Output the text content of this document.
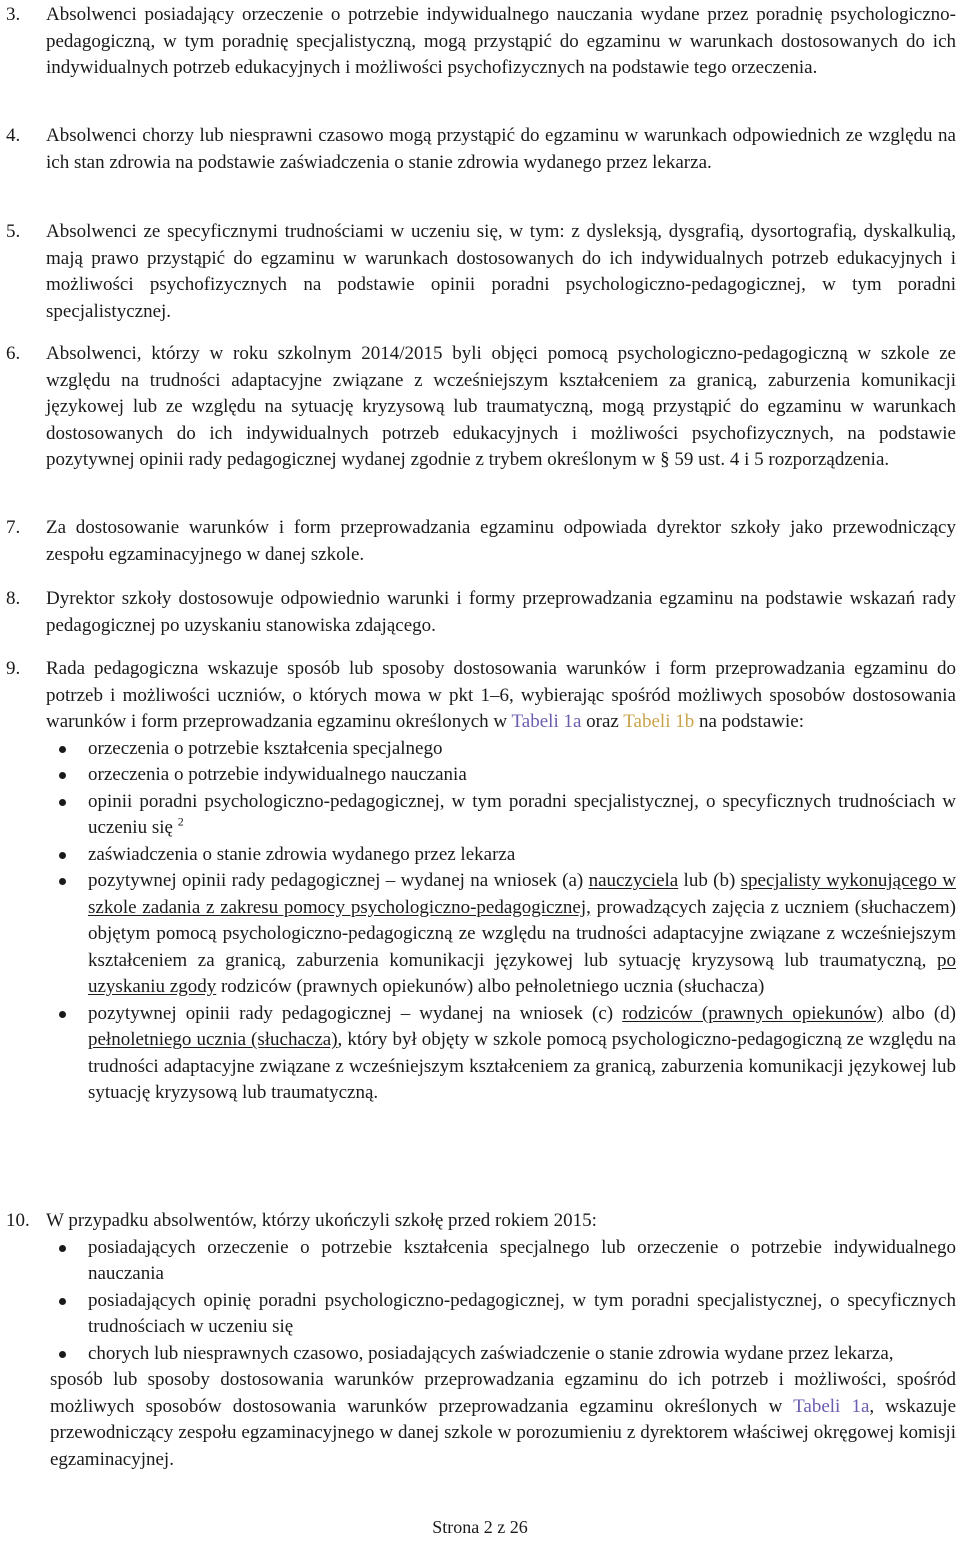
3. Absolwenci posiadający orzeczenie o potrzebie indywidualnego nauczania wydane przez poradnię psychologiczno-pedagogiczną, w tym poradnię specjalistyczną, mogą przystąpić do egzaminu w warunkach dostosowanych do ich indywidualnych potrzeb edukacyjnych i możliwości psychofizycznych na podstawie tego orzeczenia.
4. Absolwenci chorzy lub niesprawni czasowo mogą przystąpić do egzaminu w warunkach odpowiednich ze względu na ich stan zdrowia na podstawie zaświadczenia o stanie zdrowia wydanego przez lekarza.
5. Absolwenci ze specyficznymi trudnościami w uczeniu się, w tym: z dysleksją, dysgrafią, dysortografią, dyskalkulią, mają prawo przystąpić do egzaminu w warunkach dostosowanych do ich indywidualnych potrzeb edukacyjnych i możliwości psychofizycznych na podstawie opinii poradni psychologiczno-pedagogicznej, w tym poradni specjalistycznej.
6. Absolwenci, którzy w roku szkolnym 2014/2015 byli objęci pomocą psychologiczno-pedagogiczną w szkole ze względu na trudności adaptacyjne związane z wcześniejszym kształceniem za granicą, zaburzenia komunikacji językowej lub ze względu na sytuację kryzysową lub traumatyczną, mogą przystąpić do egzaminu w warunkach dostosowanych do ich indywidualnych potrzeb edukacyjnych i możliwości psychofizycznych, na podstawie pozytywnej opinii rady pedagogicznej wydanej zgodnie z trybem określonym w § 59 ust. 4 i 5 rozporządzenia.
7. Za dostosowanie warunków i form przeprowadzania egzaminu odpowiada dyrektor szkoły jako przewodniczący zespołu egzaminacyjnego w danej szkole.
8. Dyrektor szkoły dostosowuje odpowiednio warunki i formy przeprowadzania egzaminu na podstawie wskazań rady pedagogicznej po uzyskaniu stanowiska zdającego.
9. Rada pedagogiczna wskazuje sposób lub sposoby dostosowania warunków i form przeprowadzania egzaminu do potrzeb i możliwości uczniów, o których mowa w pkt 1–6, wybierając spośród możliwych sposobów dostosowania warunków i form przeprowadzania egzaminu określonych w Tabeli 1a oraz Tabeli 1b na podstawie:
orzeczenia o potrzebie kształcenia specjalnego
orzeczenia o potrzebie indywidualnego nauczania
opinii poradni psychologiczno-pedagogicznej, w tym poradni specjalistycznej, o specyficznych trudnościach w uczeniu się $^2$
zaświadczenia o stanie zdrowia wydanego przez lekarza
pozytywnej opinii rady pedagogicznej – wydanej na wniosek (a) nauczyciela lub (b) specjalisty wykonującego w szkole zadania z zakresu pomocy psychologiczno-pedagogicznej, prowadzących zajęcia z uczniem (słuchaczem) objętym pomocą psychologiczno-pedagogiczną ze względu na trudności adaptacyjne związane z wcześniejszym kształceniem za granicą, zaburzenia komunikacji językowej lub sytuację kryzysową lub traumatyczną, po uzyskaniu zgody rodziców (prawnych opiekunów) albo pełnoletniego ucznia (słuchacza)
pozytywnej opinii rady pedagogicznej – wydanej na wniosek (c) rodziców (prawnych opiekunów) albo (d) pełnoletniego ucznia (słuchacza), który był objęty w szkole pomocą psychologiczno-pedagogiczną ze względu na trudności adaptacyjne związane z wcześniejszym kształceniem za granicą, zaburzenia komunikacji językowej lub sytuację kryzysową lub traumatyczną.
10. W przypadku absolwentów, którzy ukończyli szkołę przed rokiem 2015:
posiadających orzeczenie o potrzebie kształcenia specjalnego lub orzeczenie o potrzebie indywidualnego nauczania
posiadających opinię poradni psychologiczno-pedagogicznej, w tym poradni specjalistycznej, o specyficznych trudnościach w uczeniu się
chorych lub niesprawnych czasowo, posiadających zaświadczenie o stanie zdrowia wydane przez lekarza,
sposób lub sposoby dostosowania warunków przeprowadzania egzaminu do ich potrzeb i możliwości, spośród możliwych sposobów dostosowania warunków przeprowadzania egzaminu określonych w Tabeli 1a, wskazuje przewodniczący zespołu egzaminacyjnego w danej szkole w porozumieniu z dyrektorem właściwej okręgowej komisji egzaminacyjnej.
Strona 2 z 26
